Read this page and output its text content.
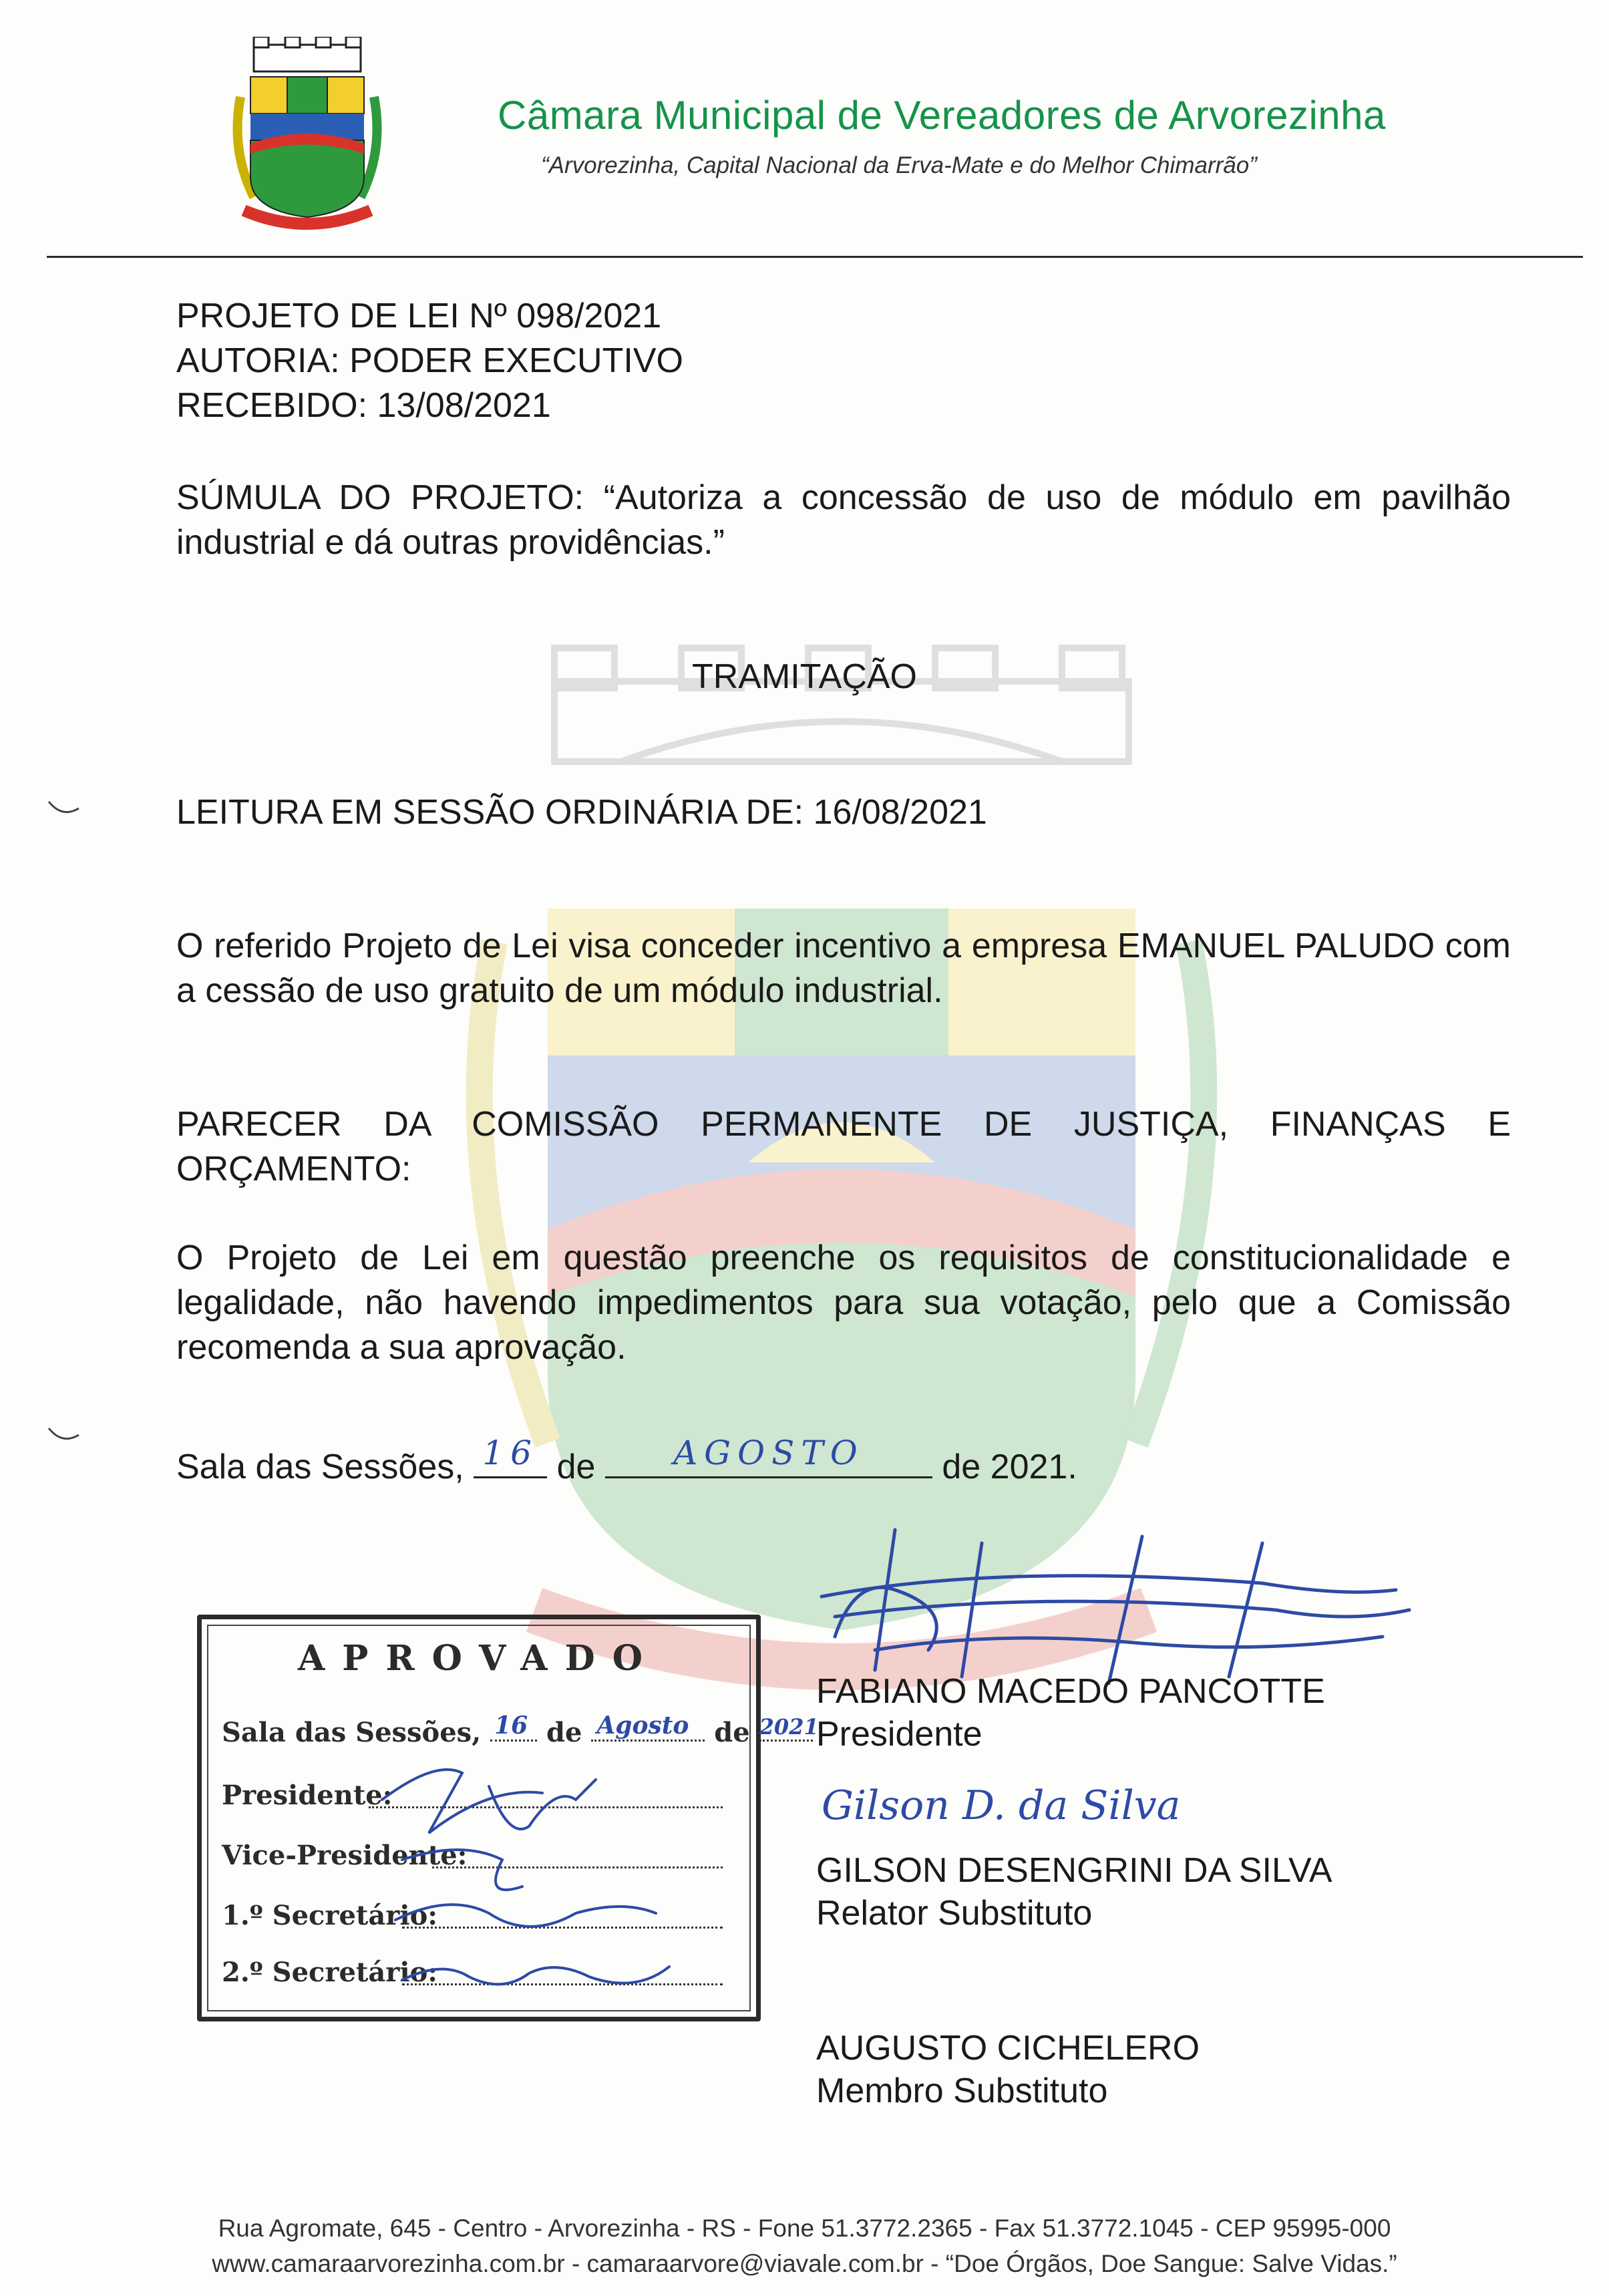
Câmara Municipal de Vereadores de Arvorezinha
“Arvorezinha, Capital Nacional da Erva-Mate e do Melhor Chimarrão”
PROJETO DE LEI Nº 098/2021
AUTORIA: PODER EXECUTIVO
RECEBIDO: 13/08/2021
SÚMULA DO PROJETO: “Autoriza a concessão de uso de módulo em pavilhão industrial e dá outras providências.”
TRAMITAÇÃO
LEITURA EM SESSÃO ORDINÁRIA DE: 16/08/2021
O referido Projeto de Lei visa conceder incentivo a empresa EMANUEL PALUDO com a cessão de uso gratuito de um módulo industrial.
PARECER DA COMISSÃO PERMANENTE DE JUSTIÇA, FINANÇAS E ORÇAMENTO:
O Projeto de Lei em questão preenche os requisitos de constitucionalidade e legalidade, não havendo impedimentos para sua votação, pelo que a Comissão recomenda a sua aprovação.
Sala das Sessões, 16 de	AGOSTO	de 2021.
FABIANO MACEDO PANCOTTE
Presidente
Gilson D. da Silva
GILSON DESENGRINI DA SILVA
Relator Substituto
AUGUSTO CICHELERO
Membro Substituto
APROVADO
Sala das Sessões, 16 de Agosto de 2021
Presidente:
Vice-Presidente:
1.º Secretário:
2.º Secretário:
Rua Agromate, 645 - Centro - Arvorezinha - RS - Fone 51.3772.2365 - Fax 51.3772.1045 - CEP 95995-000
www.camaraarvorezinha.com.br - camaraarvore@viavale.com.br - “Doe Órgãos, Doe Sangue: Salve Vidas.”
